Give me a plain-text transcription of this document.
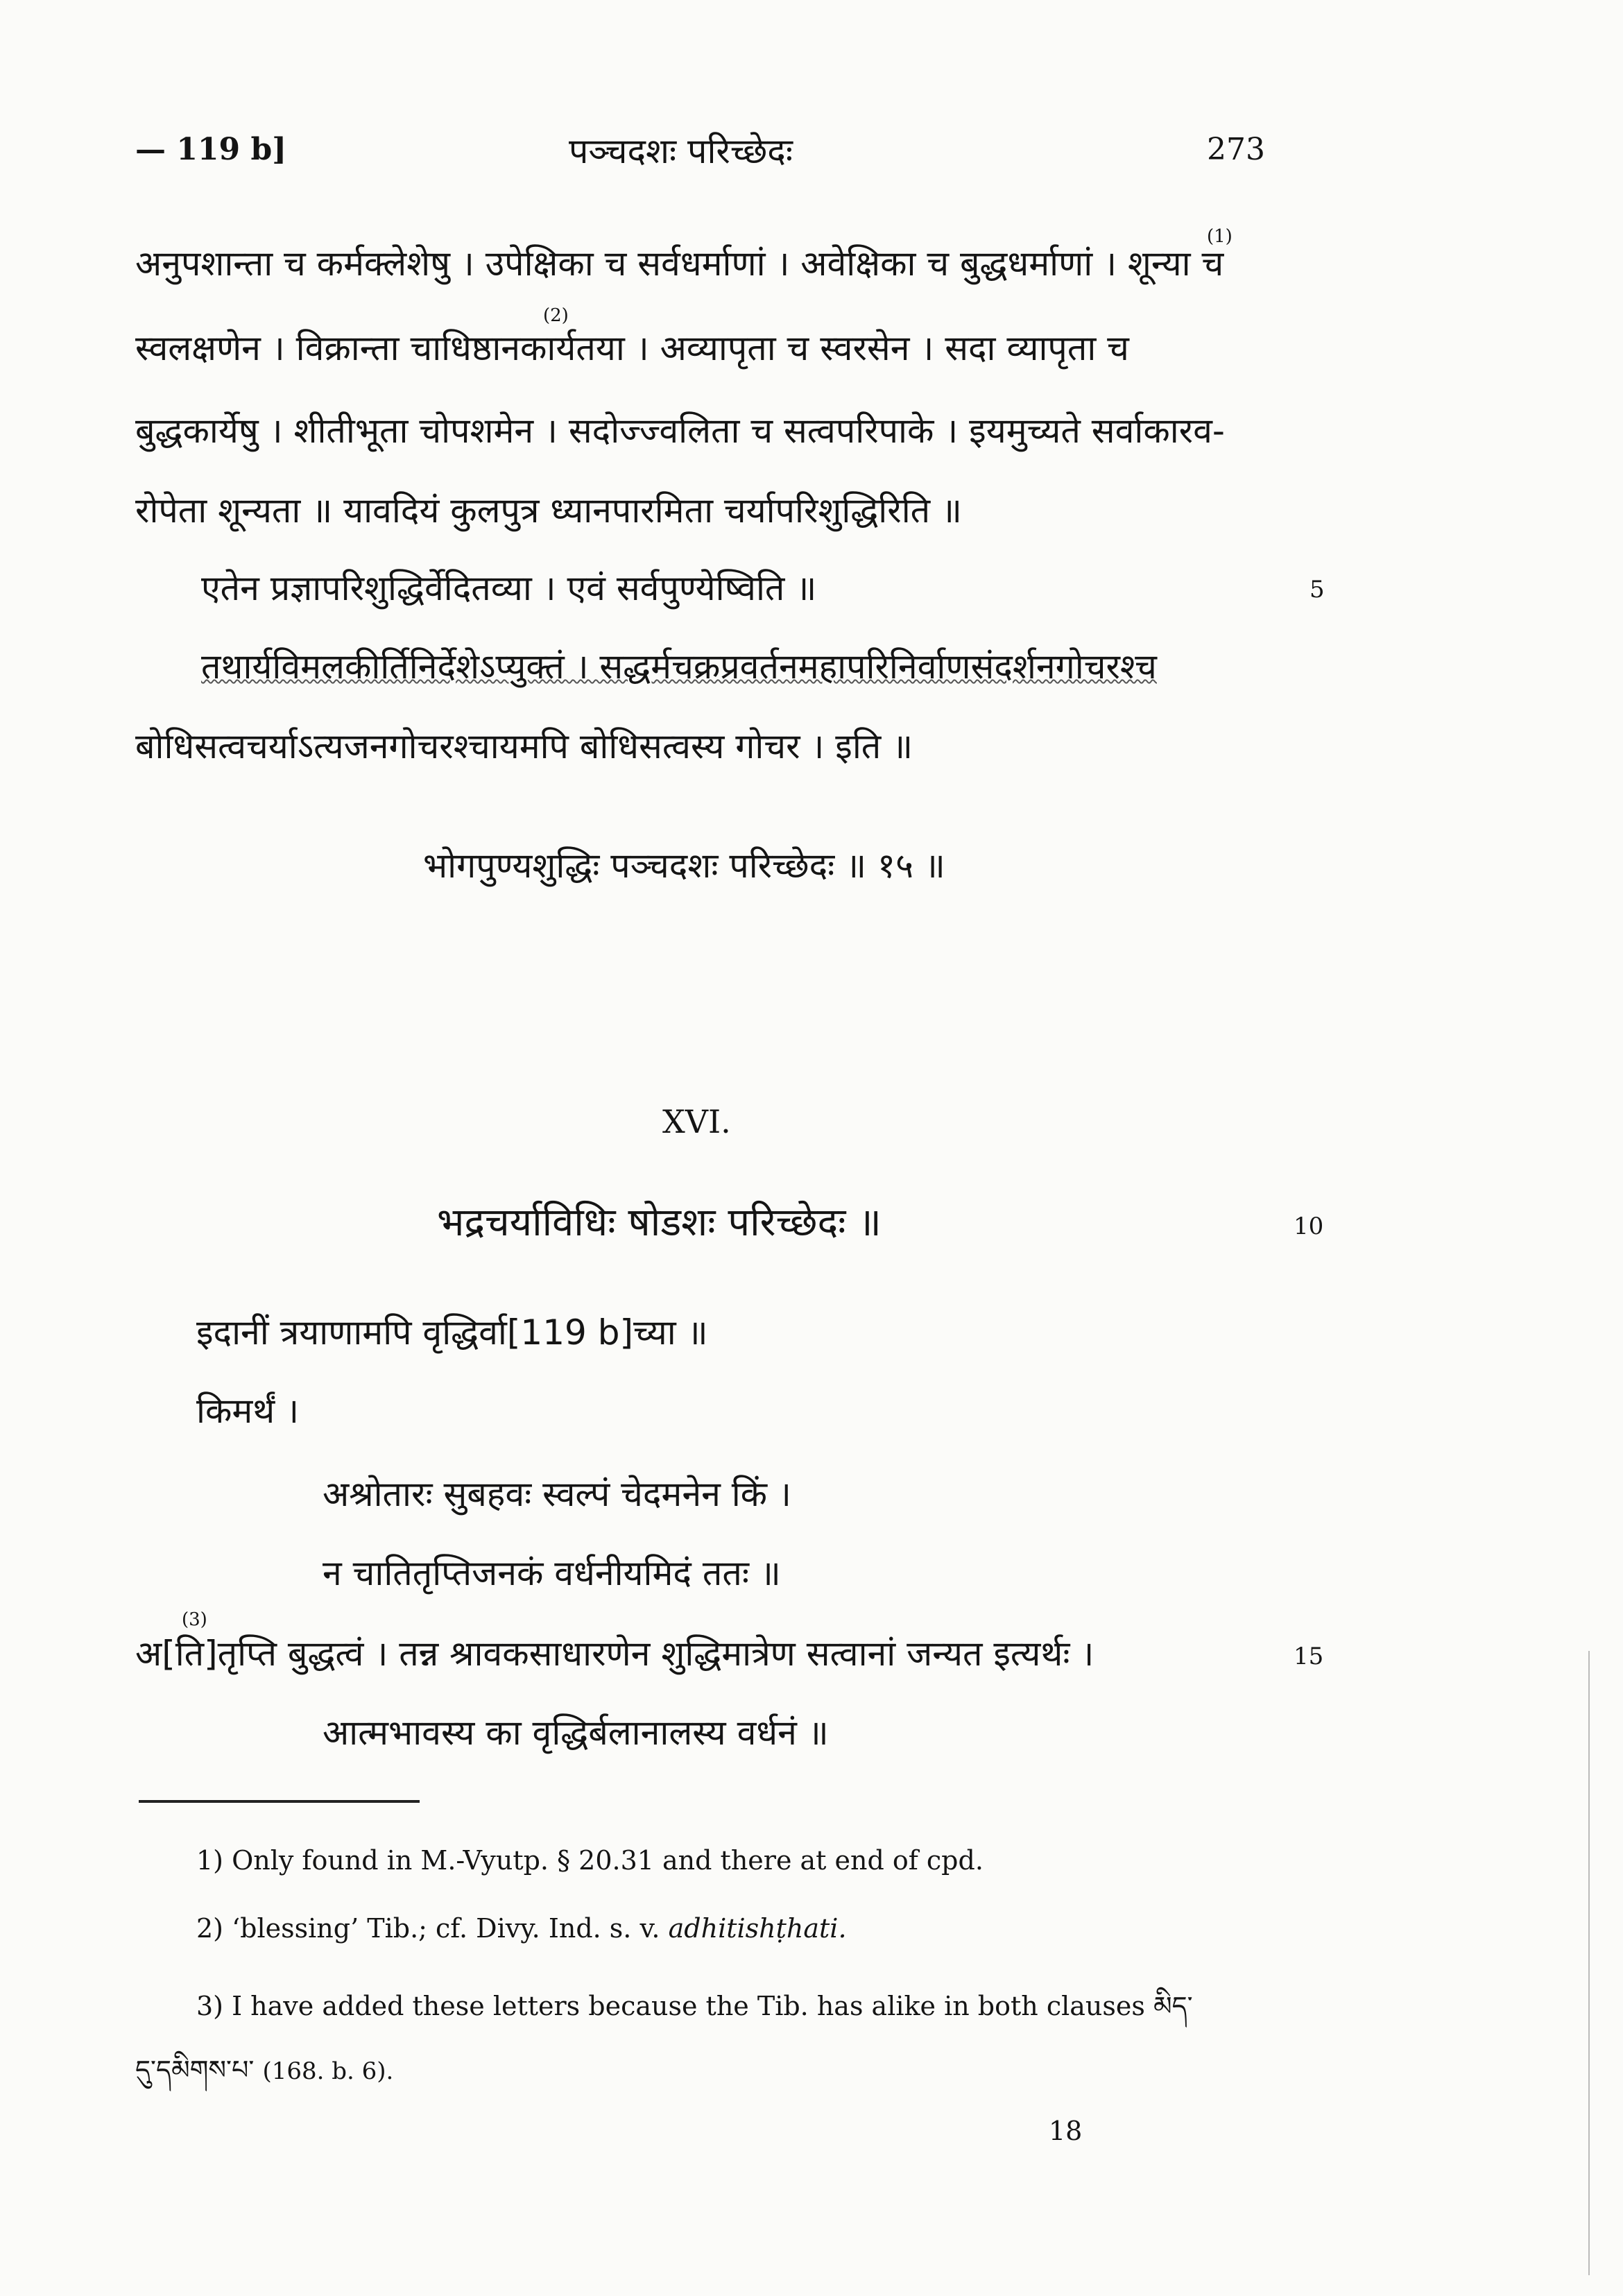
— 119 b]	पञ्चदशः परिच्छेदः	273
अनुपशान्ता च कर्मक्लेशेषु । उपेक्षिका च सर्वधर्माणां । अवेक्षिका च बुद्धधर्माणां । शून्या च
(1)
स्वलक्षणेन । विक्रान्ता चाधिष्ठानकार्यतया । अव्यापृता च स्वरसेन । सदा व्यापृता च
(2)
बुद्धकार्येषु । शीतीभूता चोपशमेन । सदोज्ज्वलिता च सत्वपरिपाके । इयमुच्यते सर्वाकारव-
रोपेता शून्यता ॥ यावदियं कुलपुत्र ध्यानपारमिता चर्यापरिशुद्धिरिति ॥
एतेन प्रज्ञापरिशुद्धिर्वेदितव्या । एवं सर्वपुण्येष्विति ॥	5
तथार्यविमलकीर्तिनिर्देशेऽप्युक्तं । सद्धर्मचक्रप्रवर्तनमहापरिनिर्वाणसंदर्शनगोचरश्च
बोधिसत्वचर्याऽत्यजनगोचरश्चायमपि बोधिसत्वस्य गोचर । इति ॥
भोगपुण्यशुद्धिः पञ्चदशः परिच्छेदः ॥ १५ ॥
XVI.
भद्रचर्याविधिः षोडशः परिच्छेदः ॥	10
इदानीं त्रयाणामपि वृद्धिर्वा[119 b]च्या ॥
किमर्थं ।
अश्रोतारः सुबहवः स्वल्पं चेदमनेन किं ।
न चातितृप्तिजनकं वर्धनीयमिदं ततः ॥
अ[ति]तृप्ति बुद्धत्वं । तन्न श्रावकसाधारणेन शुद्धिमात्रेण सत्वानां जन्यत इत्यर्थः ।
(3)
15
आत्मभावस्य का वृद्धिर्बलानालस्य वर्धनं ॥
1) Only found in M.-Vyutp. § 20.31 and there at end of cpd.
2) ‘blessing’ Tib.; cf. Divy. Ind. s. v. adhitishṭhati.
3) I have added these letters because the Tib. has alike in both clauses མིད་
དུ་དམིགས་པ་ (168. b. 6).
18
